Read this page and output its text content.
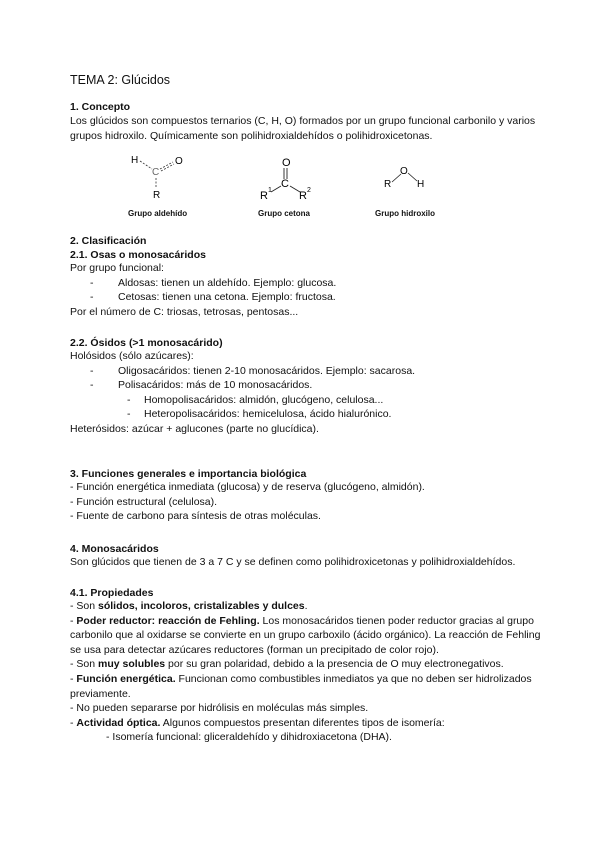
TEMA 2: Glúcidos
1. Concepto
Los glúcidos son compuestos ternarios (C, H, O) formados por un grupo funcional carbonilo y varios grupos hidroxilo. Químicamente son polihidroxialdehídos o polihidroxicetonas.
H
C
O
R
O
C
R 1 R 2
R
O
H
Grupo aldehído	Grupo cetona	Grupo hidroxilo
2. Clasificación
2.1. Osas o monosacáridos
Por grupo funcional:
- Aldosas: tienen un aldehído. Ejemplo: glucosa.
- Cetosas: tienen una cetona. Ejemplo: fructosa.
Por el número de C: triosas, tetrosas, pentosas...
2.2. Ósidos (>1 monosacárido)
Holósidos (sólo azúcares):
- Oligosacáridos: tienen 2-10 monosacáridos. Ejemplo: sacarosa.
- Polisacáridos: más de 10 monosacáridos.
- Homopolisacáridos: almidón, glucógeno, celulosa...
- Heteropolisacáridos: hemicelulosa, ácido hialurónico.
Heterósidos: azúcar + aglucones (parte no glucídica).
3. Funciones generales e importancia biológica
- Función energética inmediata (glucosa) y de reserva (glucógeno, almidón).
- Función estructural (celulosa).
- Fuente de carbono para síntesis de otras moléculas.
4. Monosacáridos
Son glúcidos que tienen de 3 a 7 C y se definen como polihidroxicetonas y polihidroxialdehídos.
4.1. Propiedades
- Son sólidos, incoloros, cristalizables y dulces.
- Poder reductor: reacción de Fehling. Los monosacáridos tienen poder reductor gracias al grupo carbonilo que al oxidarse se convierte en un grupo carboxilo (ácido orgánico). La reacción de Fehling se usa para detectar azúcares reductores (forman un precipitado de color rojo).
- Son muy solubles por su gran polaridad, debido a la presencia de O muy electronegativos.
- Función energética. Funcionan como combustibles inmediatos ya que no deben ser hidrolizados previamente.
- No pueden separarse por hidrólisis en moléculas más simples.
- Actividad óptica. Algunos compuestos presentan diferentes tipos de isomería:
- Isomería funcional: gliceraldehído y dihidroxiacetona (DHA).
